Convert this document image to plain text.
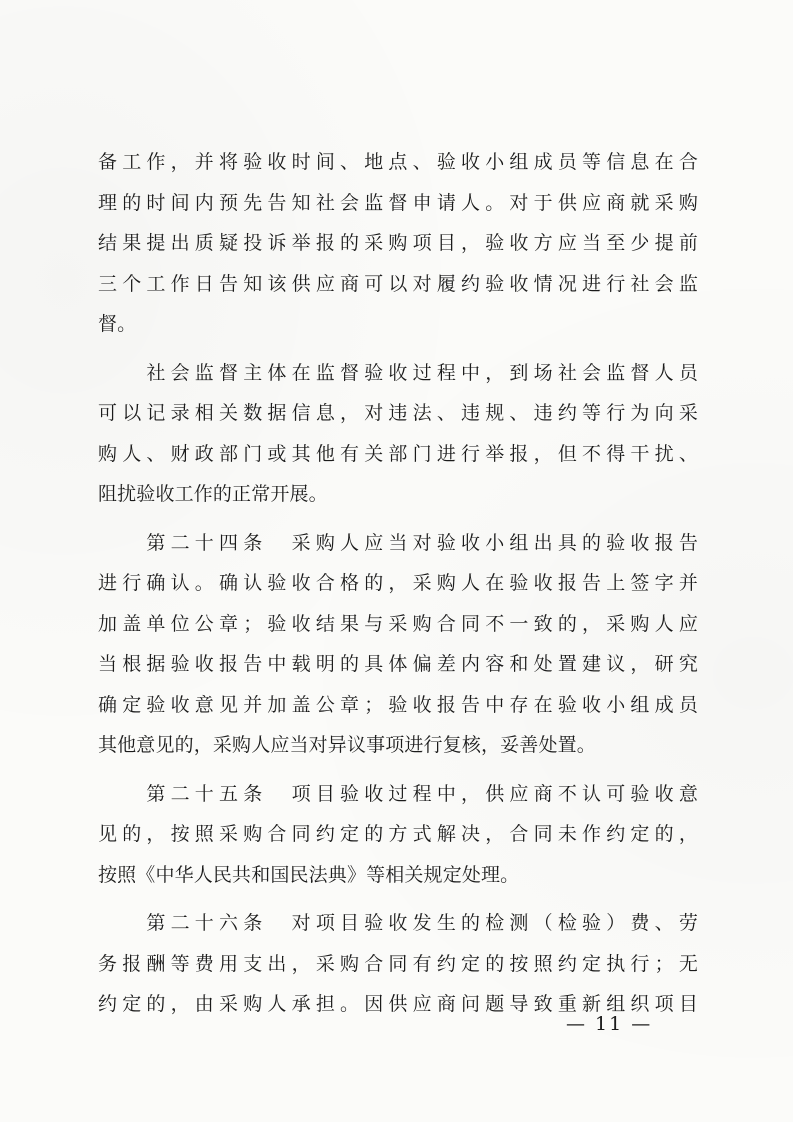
备工作，并将验收时间、地点、验收小组成员等信息在合
理的时间内预先告知社会监督申请人。对于供应商就采购
结果提出质疑投诉举报的采购项目，验收方应当至少提前
三个工作日告知该供应商可以对履约验收情况进行社会监
督。
　　社会监督主体在监督验收过程中，到场社会监督人员
可以记录相关数据信息，对违法、违规、违约等行为向采
购人、财政部门或其他有关部门进行举报，但不得干扰、
阻扰验收工作的正常开展。
　　第二十四条　采购人应当对验收小组出具的验收报告
进行确认。确认验收合格的，采购人在验收报告上签字并
加盖单位公章；验收结果与采购合同不一致的，采购人应
当根据验收报告中载明的具体偏差内容和处置建议，研究
确定验收意见并加盖公章；验收报告中存在验收小组成员
其他意见的，采购人应当对异议事项进行复核，妥善处置。
　　第二十五条　项目验收过程中，供应商不认可验收意
见的，按照采购合同约定的方式解决，合同未作约定的，
按照《中华人民共和国民法典》等相关规定处理。
　　第二十六条　对项目验收发生的检测（检验）费、劳
务报酬等费用支出，采购合同有约定的按照约定执行；无
约定的，由采购人承担。因供应商问题导致重新组织项目
— 11 —
